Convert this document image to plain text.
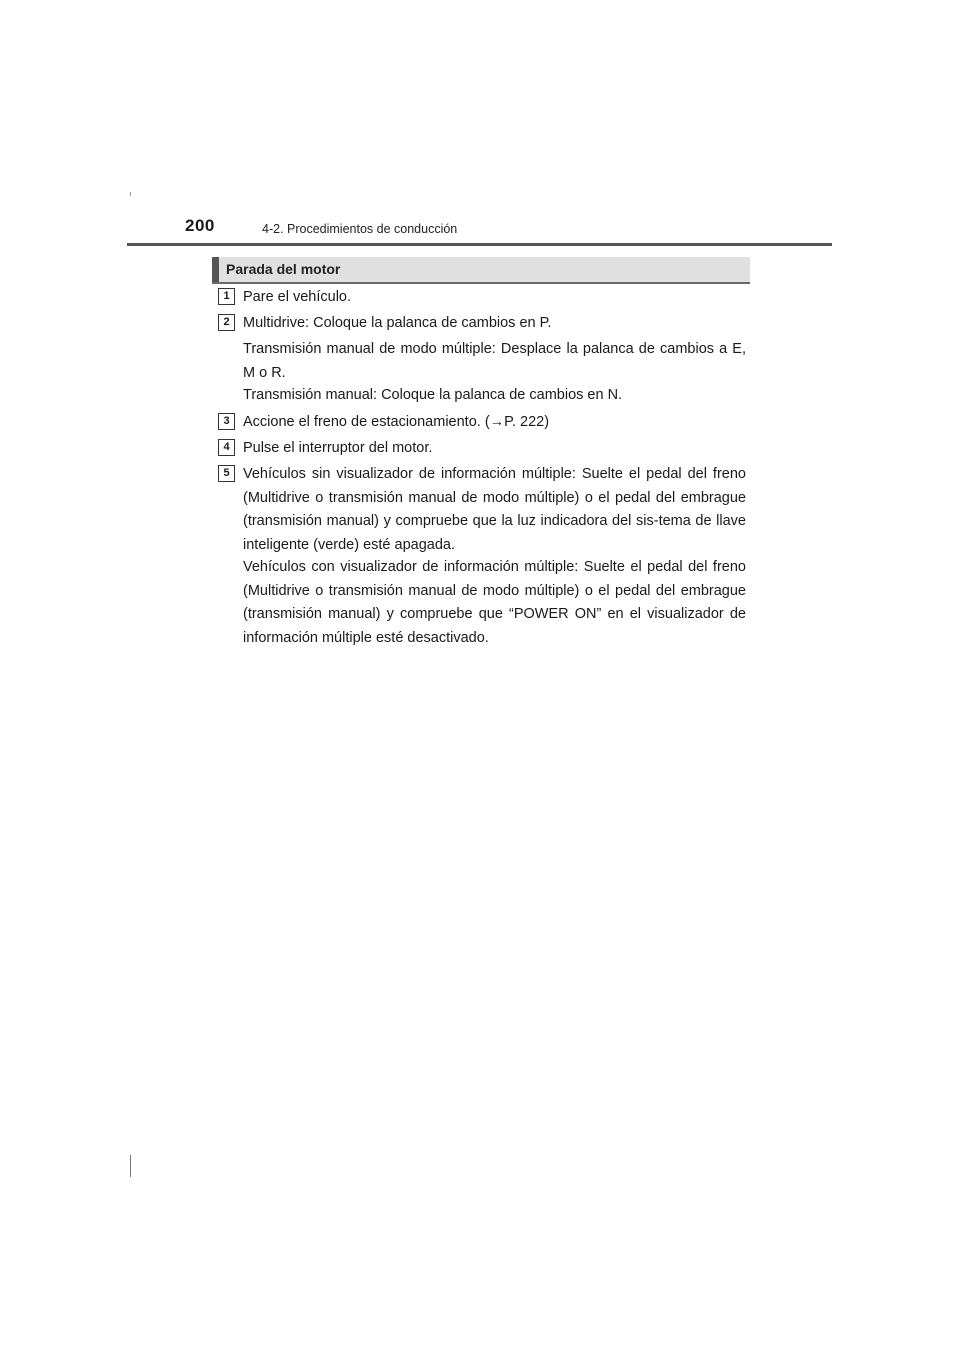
200	4-2. Procedimientos de conducción
Parada del motor
1 Pare el vehículo.
2 Multidrive: Coloque la palanca de cambios en P.
Transmisión manual de modo múltiple: Desplace la palanca de cambios a E, M o R.
Transmisión manual: Coloque la palanca de cambios en N.
3 Accione el freno de estacionamiento. (→P. 222)
4 Pulse el interruptor del motor.
5 Vehículos sin visualizador de información múltiple: Suelte el pedal del freno (Multidrive o transmisión manual de modo múltiple) o el pedal del embrague (transmisión manual) y compruebe que la luz indicadora del sis-tema de llave inteligente (verde) esté apagada.
Vehículos con visualizador de información múltiple: Suelte el pedal del freno (Multidrive o transmisión manual de modo múltiple) o el pedal del embrague (transmisión manual) y compruebe que “POWER ON” en el visualizador de información múltiple esté desactivado.
